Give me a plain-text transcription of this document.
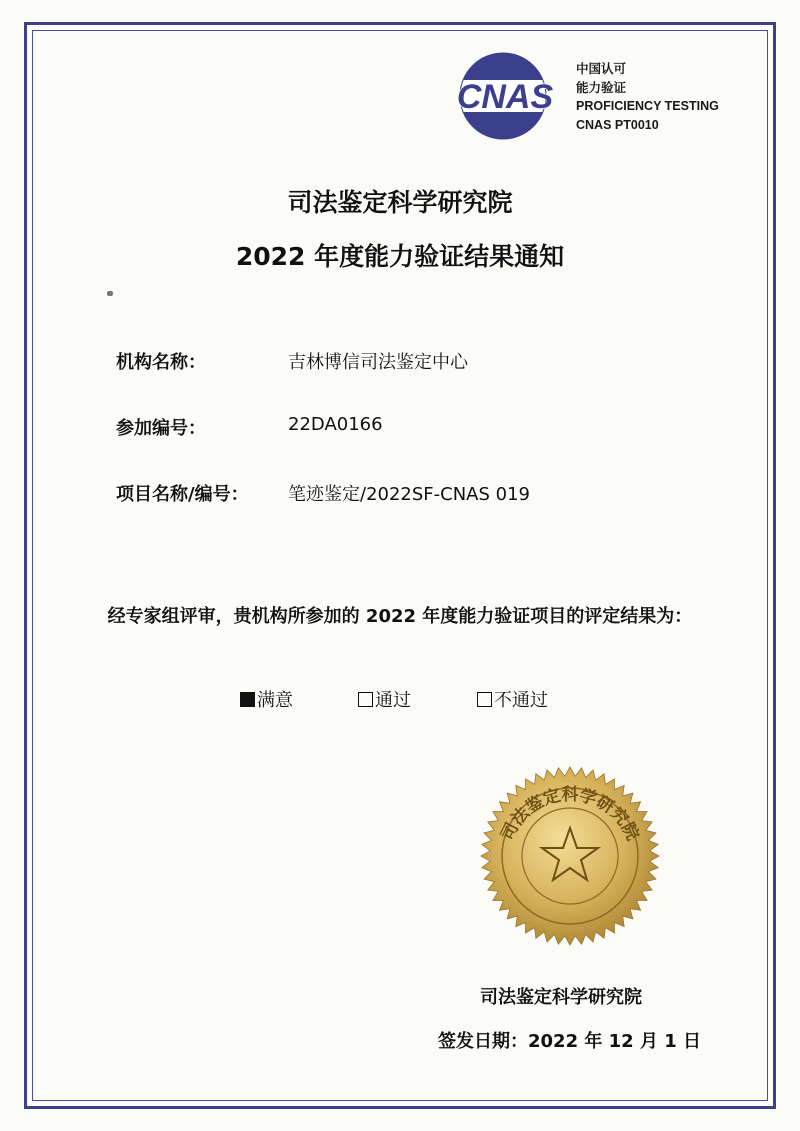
CNAS
中国认可
能力验证
PROFICIENCY TESTING
CNAS PT0010
司法鉴定科学研究院
2022 年度能力验证结果通知
机构名称：	吉林博信司法鉴定中心
参加编号：	22DA0166
项目名称/编号： 笔迹鉴定/2022SF-CNAS 019
经专家组评审，贵机构所参加的 2022 年度能力验证项目的评定结果为：
满意	通过	不通过
司法鉴定科学研究院
司法鉴定科学研究院
签发日期：2022 年 12 月 1 日
